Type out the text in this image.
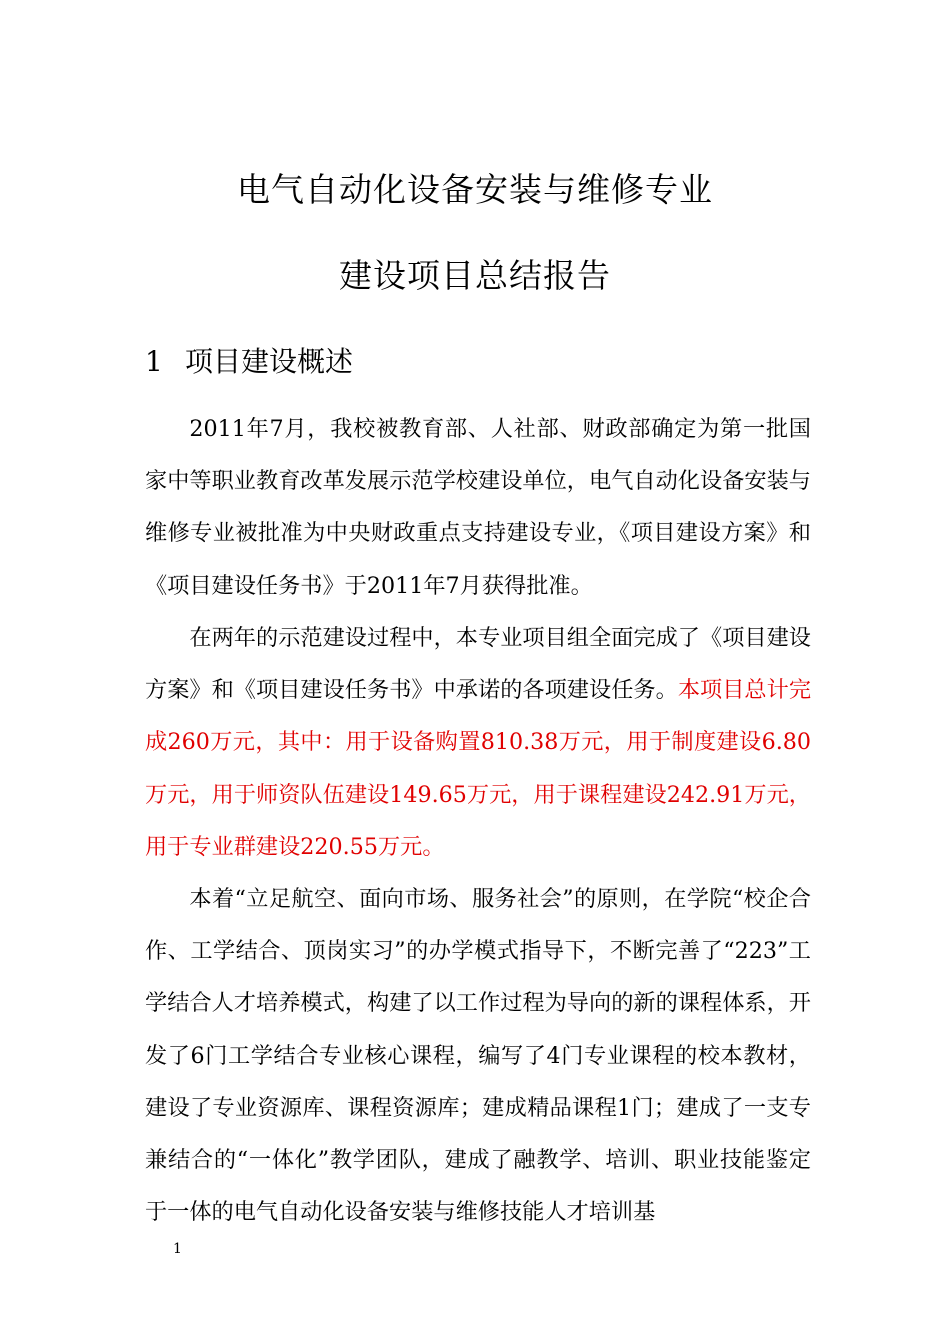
电气自动化设备安装与维修专业
建设项目总结报告
1 项目建设概述

2011年7月，我校被教育部、人社部、财政部确定为第一批国家中等职业教育改革发展示范学校建设单位，电气自动化设备安装与维修专业被批准为中央财政重点支持建设专业，《项目建设方案》和《项目建设任务书》于2011年7月获得批准。

在两年的示范建设过程中，本专业项目组全面完成了《项目建设方案》和《项目建设任务书》中承诺的各项建设任务。本项目总计完成260万元，其中：用于设备购置810.38万元，用于制度建设6.80万元，用于师资队伍建设149.65万元，用于课程建设242.91万元，用于专业群建设220.55万元。

本着“立足航空、面向市场、服务社会”的原则，在学院“校企合作、工学结合、顶岗实习”的办学模式指导下，不断完善了“223”工学结合人才培养模式，构建了以工作过程为导向的新的课程体系，开发了6门工学结合专业核心课程，编写了4门专业课程的校本教材，建设了专业资源库、课程资源库；建成精品课程1门；建成了一支专兼结合的“一体化”教学团队，建成了融教学、培训、职业技能鉴定于一体的电气自动化设备安装与维修技能人才培训基

1
